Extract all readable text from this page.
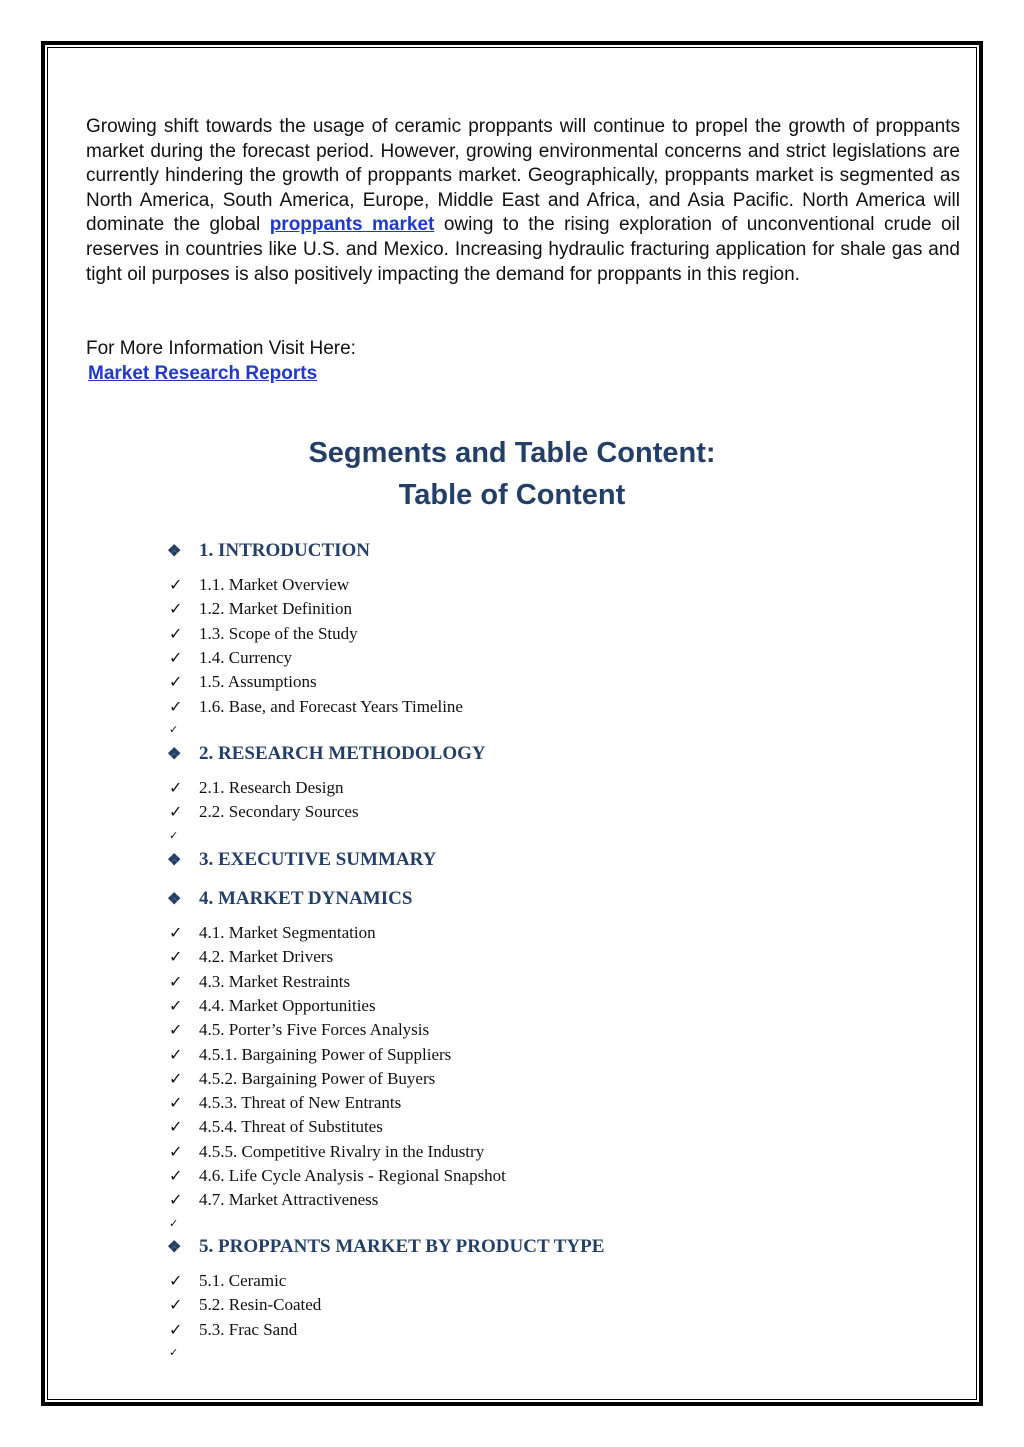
Growing shift towards the usage of ceramic proppants will continue to propel the growth of proppants market during the forecast period. However, growing environmental concerns and strict legislations are currently hindering the growth of proppants market. Geographically, proppants market is segmented as North America, South America, Europe, Middle East and Africa, and Asia Pacific. North America will dominate the global proppants market owing to the rising exploration of unconventional crude oil reserves in countries like U.S. and Mexico. Increasing hydraulic fracturing application for shale gas and tight oil purposes is also positively impacting the demand for proppants in this region.

For More Information Visit Here:
Market Research Reports
Segments and Table Content:
Table of Content
❖ 1. INTRODUCTION
✓ 1.1. Market Overview
✓ 1.2. Market Definition
✓ 1.3. Scope of the Study
✓ 1.4. Currency
✓ 1.5. Assumptions
✓ 1.6. Base, and Forecast Years Timeline
✓
❖ 2. RESEARCH METHODOLOGY
✓ 2.1. Research Design
✓ 2.2. Secondary Sources
✓
❖ 3. EXECUTIVE SUMMARY
❖ 4. MARKET DYNAMICS
✓ 4.1. Market Segmentation
✓ 4.2. Market Drivers
✓ 4.3. Market Restraints
✓ 4.4. Market Opportunities
✓ 4.5. Porter’s Five Forces Analysis
✓ 4.5.1. Bargaining Power of Suppliers
✓ 4.5.2. Bargaining Power of Buyers
✓ 4.5.3. Threat of New Entrants
✓ 4.5.4. Threat of Substitutes
✓ 4.5.5. Competitive Rivalry in the Industry
✓ 4.6. Life Cycle Analysis - Regional Snapshot
✓ 4.7. Market Attractiveness
✓
❖ 5. PROPPANTS MARKET BY PRODUCT TYPE
✓ 5.1. Ceramic
✓ 5.2. Resin-Coated
✓ 5.3. Frac Sand
✓
